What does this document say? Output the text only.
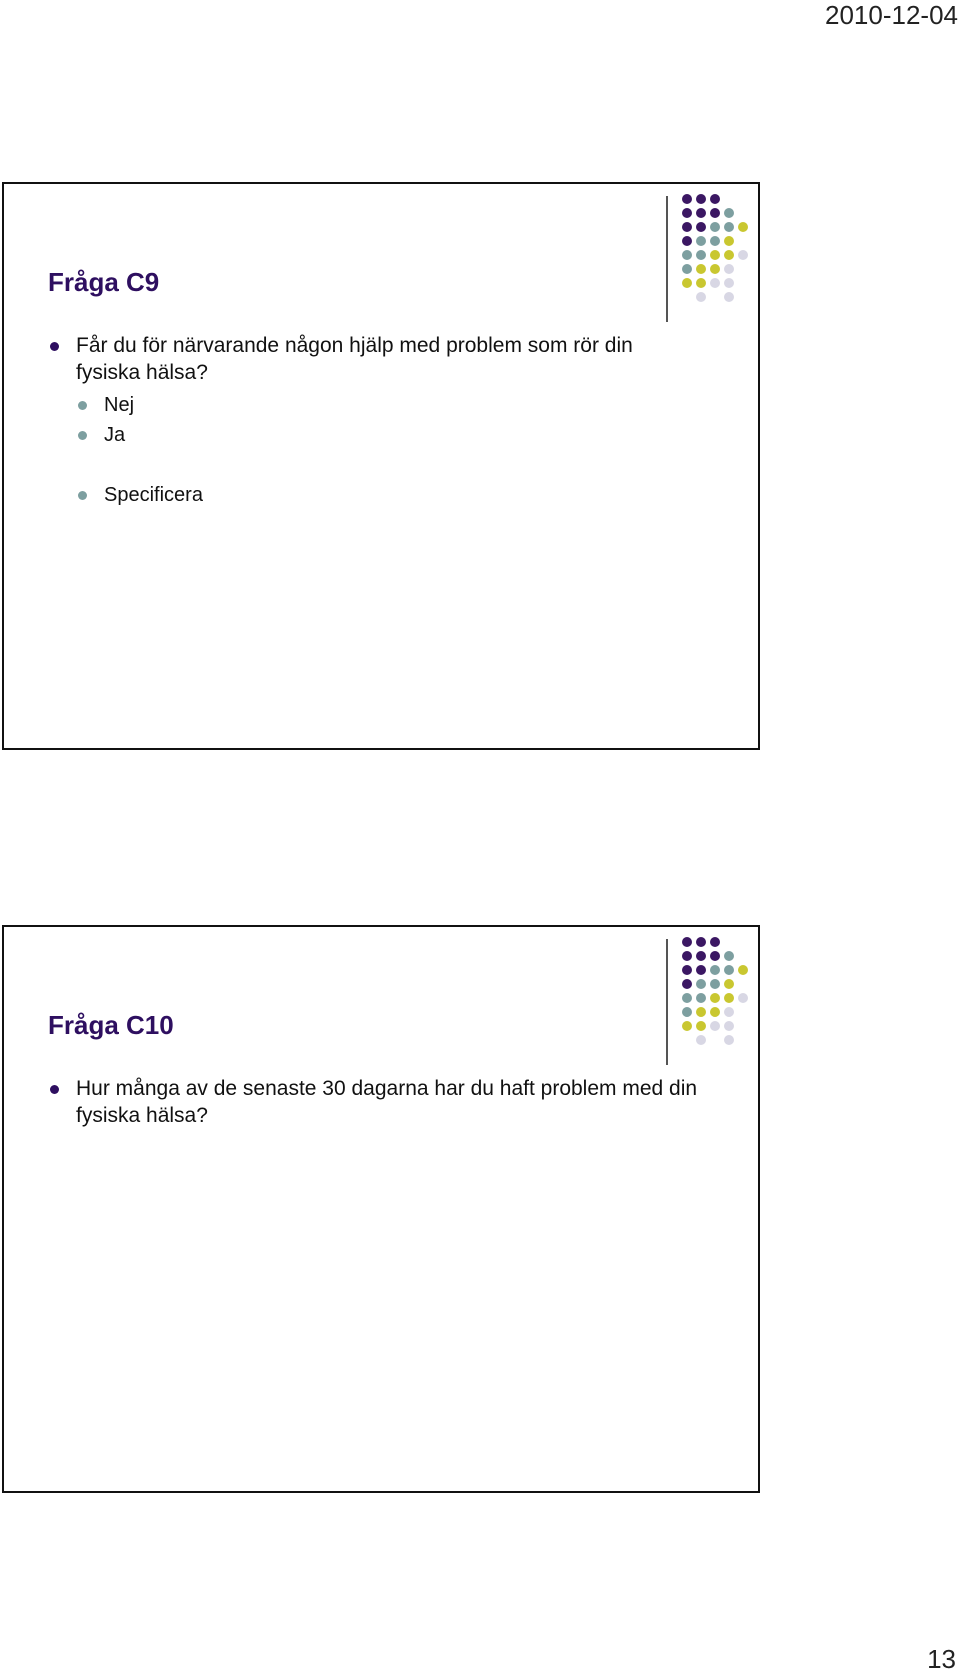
2010-12-04
Fråga C9
Får du för närvarande någon hjälp med problem som rör din fysiska hälsa?
Nej
Ja
Specificera
Fråga C10
Hur många av de senaste 30 dagarna har du haft problem med din fysiska hälsa?
13
